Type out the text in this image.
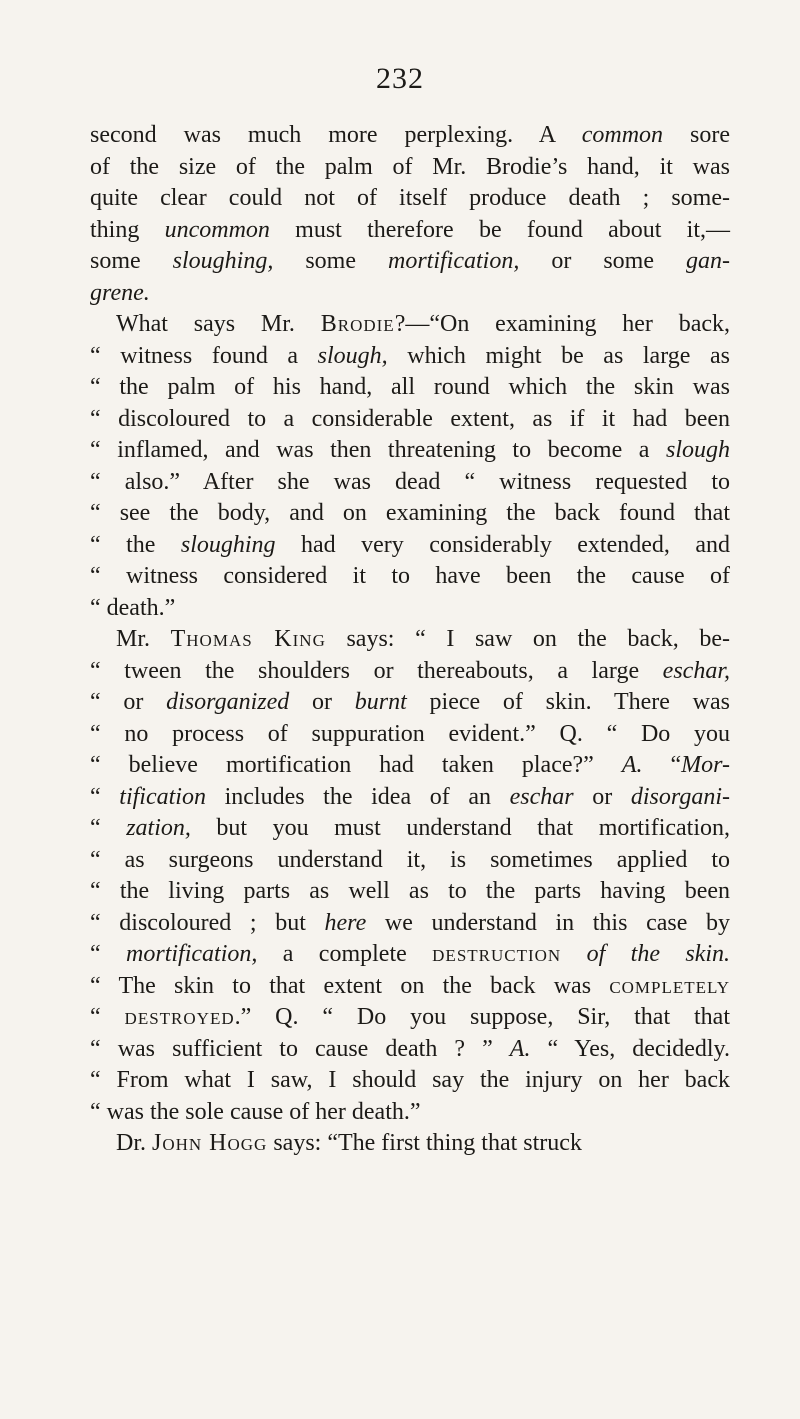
232
second was much more perplexing. A common sore
of the size of the palm of Mr. Brodie’s hand, it was
quite clear could not of itself produce death ; some-
thing uncommon must therefore be found about it,—
some sloughing, some mortification, or some gan-
grene.
What says Mr. Brodie?—“On examining her back,
“ witness found a slough, which might be as large as
“ the palm of his hand, all round which the skin was
“ discoloured to a considerable extent, as if it had been
“ inflamed, and was then threatening to become a slough
“ also.” After she was dead “ witness requested to
“ see the body, and on examining the back found that
“ the sloughing had very considerably extended, and
“ witness considered it to have been the cause of
“ death.”
Mr. Thomas King says: “ I saw on the back, be-
“ tween the shoulders or thereabouts, a large eschar,
“ or disorganized or burnt piece of skin. There was
“ no process of suppuration evident.” Q. “ Do you
“ believe mortification had taken place?” A. “Mor-
“ tification includes the idea of an eschar or disorgani-
“ zation, but you must understand that mortification,
“ as surgeons understand it, is sometimes applied to
“ the living parts as well as to the parts having been
“ discoloured ; but here we understand in this case by
“ mortification, a complete destruction of the skin.
“ The skin to that extent on the back was completely
“ destroyed.” Q. “ Do you suppose, Sir, that that
“ was sufficient to cause death ? ” A. “ Yes, decidedly.
“ From what I saw, I should say the injury on her back
“ was the sole cause of her death.”
Dr. John Hogg says: “The first thing that struck
